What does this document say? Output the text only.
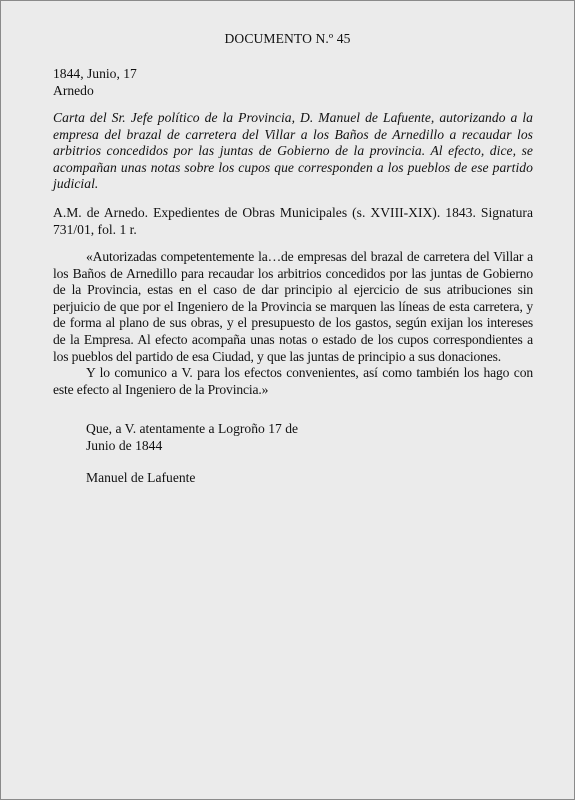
DOCUMENTO N.º 45
1844, Junio, 17
Arnedo
Carta del Sr. Jefe político de la Provincia, D. Manuel de Lafuente, autorizando a la empresa del brazal de carretera del Villar a los Baños de Arnedillo a recaudar los arbitrios concedidos por las juntas de Gobierno de la provincia. Al efecto, dice, se acompañan unas notas sobre los cupos que corresponden a los pueblos de ese partido judicial.
A.M. de Arnedo. Expedientes de Obras Municipales (s. XVIII-XIX). 1843. Signatura 731/01, fol. 1 r.

«Autorizadas competentemente la…de empresas del brazal de carretera del Villar a los Baños de Arnedillo para recaudar los arbitrios concedidos por las juntas de Gobierno de la Provincia, estas en el caso de dar principio al ejercicio de sus atribuciones sin perjuicio de que por el Ingeniero de la Provincia se marquen las líneas de esta carretera, y de forma al plano de sus obras, y el presupuesto de los gastos, según exijan los intereses de la Empresa. Al efecto acompaña unas notas o estado de los cupos correspondientes a los pueblos del partido de esa Ciudad, y que las juntas de principio a sus donaciones.

Y lo comunico a V. para los efectos convenientes, así como también los hago con este efecto al Ingeniero de la Provincia.»

Que, a V. atentamente a Logroño 17 de Junio de 1844
Manuel de Lafuente
